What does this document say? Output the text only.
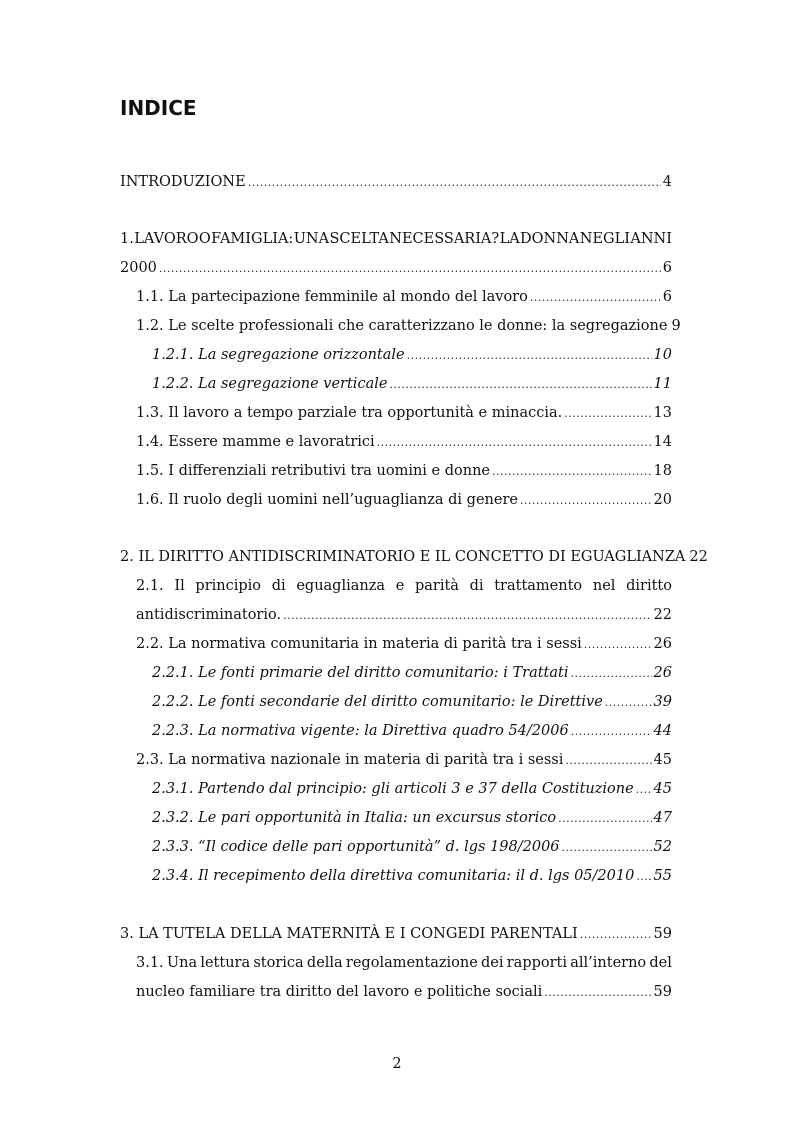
INDICE
INTRODUZIONE .....	4
1. LAVORO O FAMIGLIA: UNA SCELTA NECESSARIA? LA DONNA NEGLI ANNI
2000 .....	6
1.1. La partecipazione femminile al mondo del lavoro .....	6
1.2. Le scelte professionali che caratterizzano le donne: la segregazione 9
1.2.1. La segregazione orizzontale .....	10
1.2.2. La segregazione verticale .....	11
1.3. Il lavoro a tempo parziale tra opportunità e minaccia. .....	13
1.4. Essere mamme e lavoratrici .....	14
1.5. I differenziali retributivi tra uomini e donne .....	18
1.6. Il ruolo degli uomini nell’uguaglianza di genere .....	20
2. IL DIRITTO ANTIDISCRIMINATORIO E IL CONCETTO DI EGUAGLIANZA 22
2.1. Il principio di eguaglianza e parità di trattamento nel diritto
antidiscriminatorio. .....	22
2.2. La normativa comunitaria in materia di parità tra i sessi .....	26
2.2.1. Le fonti primarie del diritto comunitario: i Trattati .....	26
2.2.2. Le fonti secondarie del diritto comunitario: le Direttive .....	39
2.2.3. La normativa vigente: la Direttiva quadro 54/2006 .....	44
2.3. La normativa nazionale in materia di parità tra i sessi .....	45
2.3.1. Partendo dal principio: gli articoli 3 e 37 della Costituzione ..... 45
2.3.2. Le pari opportunità in Italia: un excursus storico .....	47
2.3.3. “Il codice delle pari opportunità” d. lgs 198/2006 .....	52
2.3.4. Il recepimento della direttiva comunitaria: il d. lgs 05/2010 ..... 55
3. LA TUTELA DELLA MATERNITÀ E I CONGEDI PARENTALI .....	59
3.1. Una lettura storica della regolamentazione dei rapporti all’interno del
nucleo familiare tra diritto del lavoro e politiche sociali .....	59
2
